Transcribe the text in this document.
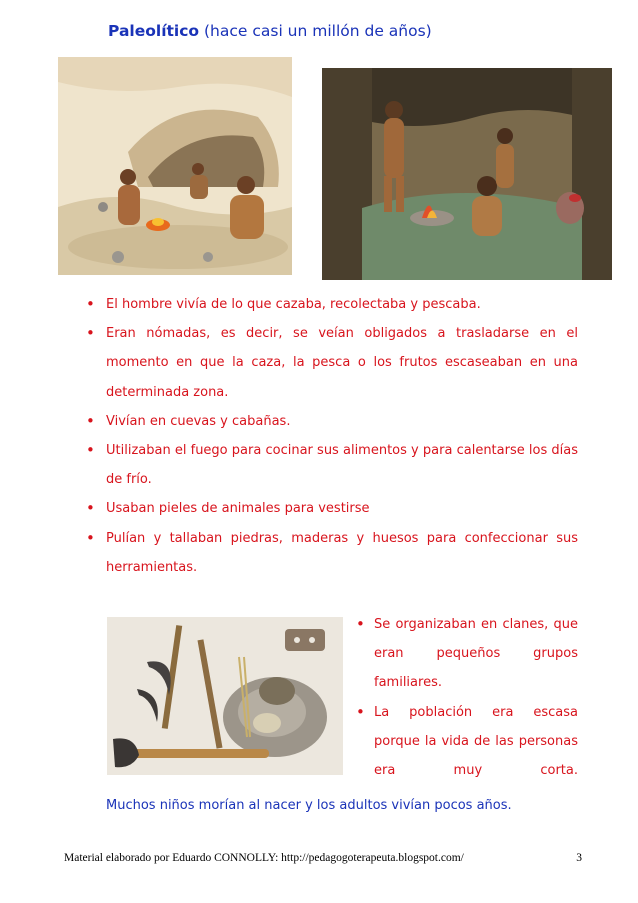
Paleolítico (hace casi un millón de años)
• El hombre vivía de lo que cazaba, recolectaba y pescaba.
• Eran nómadas, es decir, se veían obligados a trasladarse en el momento en que la caza, la pesca o los frutos escaseaban en una determinada zona.
• Vivían en cuevas y cabañas.
• Utilizaban el fuego para cocinar sus alimentos y para calentarse los días de frío.
• Usaban pieles de animales para vestirse
• Pulían y tallaban piedras, maderas y huesos para confeccionar sus herramientas.
• Se organizaban en clanes, que eran pequeños grupos familiares.
• La población era escasa porque la vida de las personas era muy corta.
Muchos niños morían al nacer y los adultos vivían pocos años.
Material elaborado por Eduardo CONNOLLY: http://pedagogoterapeuta.blogspot.com/	3
